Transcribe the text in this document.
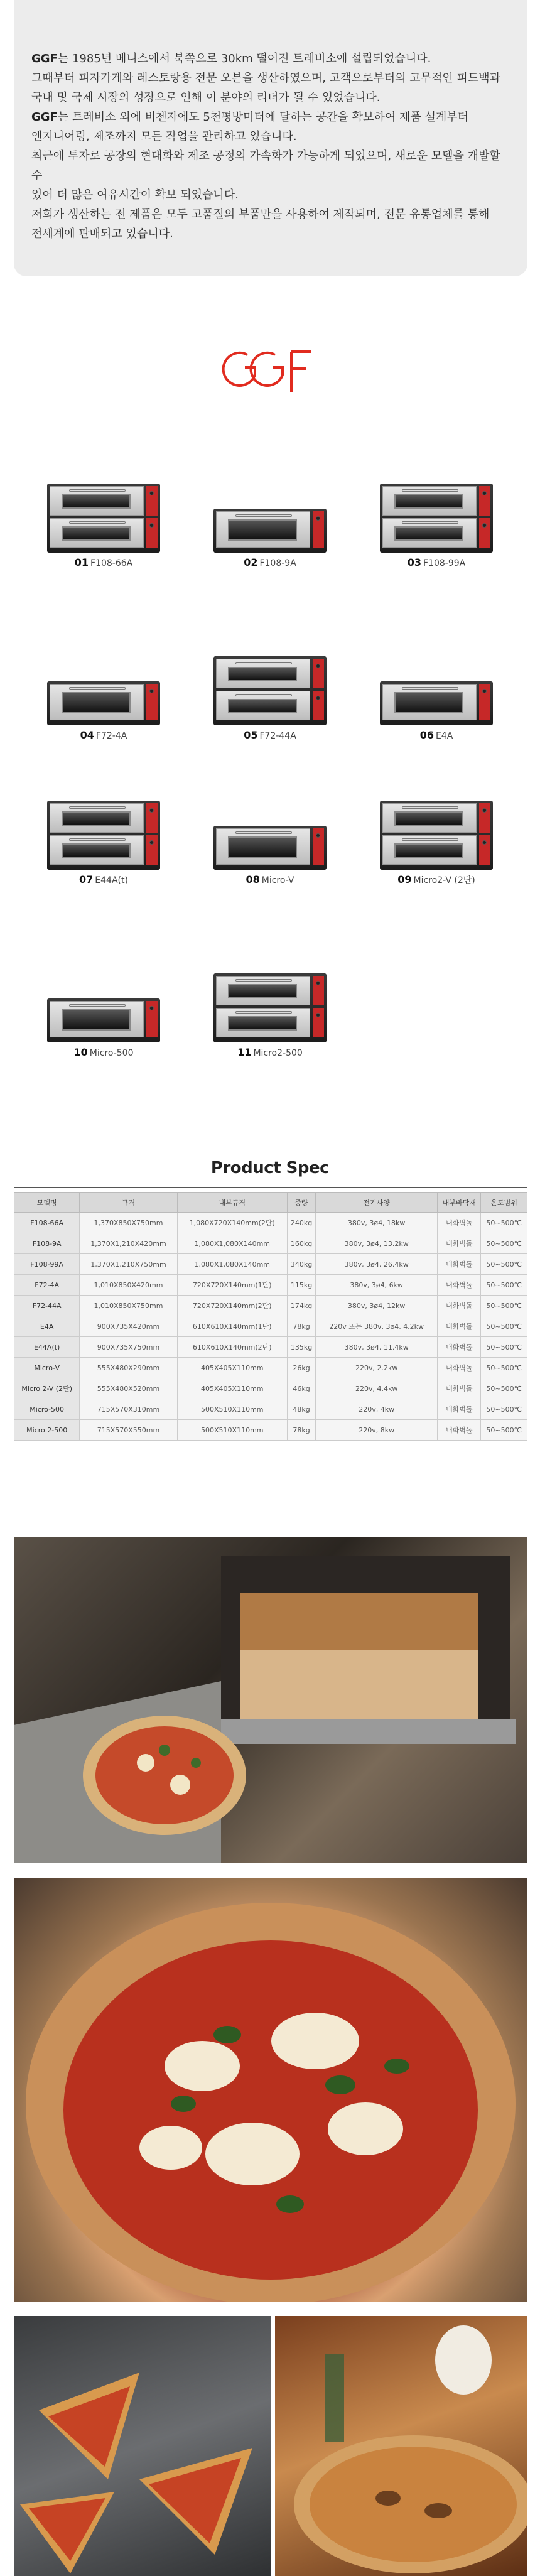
GGF는 1985년 베니스에서 북쪽으로 30km 떨어진 트레비소에 설립되었습니다.

그때부터 피자가게와 레스토랑용 전문 오븐을 생산하였으며, 고객으로부터의 고무적인 피드백과

국내 및 국제 시장의 성장으로 인해 이 분야의 리더가 될 수 있었습니다.

GGF는 트레비소 외에 비첸자에도 5천평방미터에 달하는 공간을 확보하여 제품 설계부터

엔지니어링, 제조까지 모든 작업을 관리하고 있습니다.

최근에 투자로 공장의 현대화와 제조 공정의 가속화가 가능하게 되었으며, 새로운 모델을 개발할수

있어 더 많은 여유시간이 확보 되었습니다.

저희가 생산하는 전 제품은 모두 고품질의 부품만을 사용하여 제작되며, 전문 유통업체를 통해

전세계에 판매되고 있습니다.

01 F108-66A	02 F108-9A	03 F108-99A
04 F72-4A	05 F72-44A	06 E4A
07 E44A(t)	08 Micro-V	09 Micro2-V (2단)
10 Micro-500	11 Micro2-500
Product Spec
모델명	규격	내부규격	중량	전기사양	내부바닥재	온도범위
F108-66A	1,370X850X750mm	1,080X720X140mm(2단)	240kg	380v, 3ø4, 18kw	내화벽돌	50~500℃
F108-9A	1,370X1,210X420mm	1,080X1,080X140mm	160kg	380v, 3ø4, 13.2kw	내화벽돌	50~500℃
F108-99A	1,370X1,210X750mm	1,080X1,080X140mm	340kg	380v, 3ø4, 26.4kw	내화벽돌	50~500℃
F72-4A	1,010X850X420mm	720X720X140mm(1단)	115kg	380v, 3ø4, 6kw	내화벽돌	50~500℃
F72-44A	1,010X850X750mm	720X720X140mm(2단)	174kg	380v, 3ø4, 12kw	내화벽돌	50~500℃
E4A	900X735X420mm	610X610X140mm(1단)	78kg	220v 또는 380v, 3ø4, 4.2kw	내화벽돌	50~500℃
E44A(t)	900X735X750mm	610X610X140mm(2단)	135kg	380v, 3ø4, 11.4kw	내화벽돌	50~500℃
Micro-V	555X480X290mm	405X405X110mm	26kg	220v, 2.2kw	내화벽돌	50~500℃
Micro 2-V (2단)	555X480X520mm	405X405X110mm	46kg	220v, 4.4kw	내화벽돌	50~500℃
Micro-500	715X570X310mm	500X510X110mm	48kg	220v, 4kw	내화벽돌	50~500℃
Micro 2-500	715X570X550mm	500X510X110mm	78kg	220v, 8kw	내화벽돌	50~500℃
